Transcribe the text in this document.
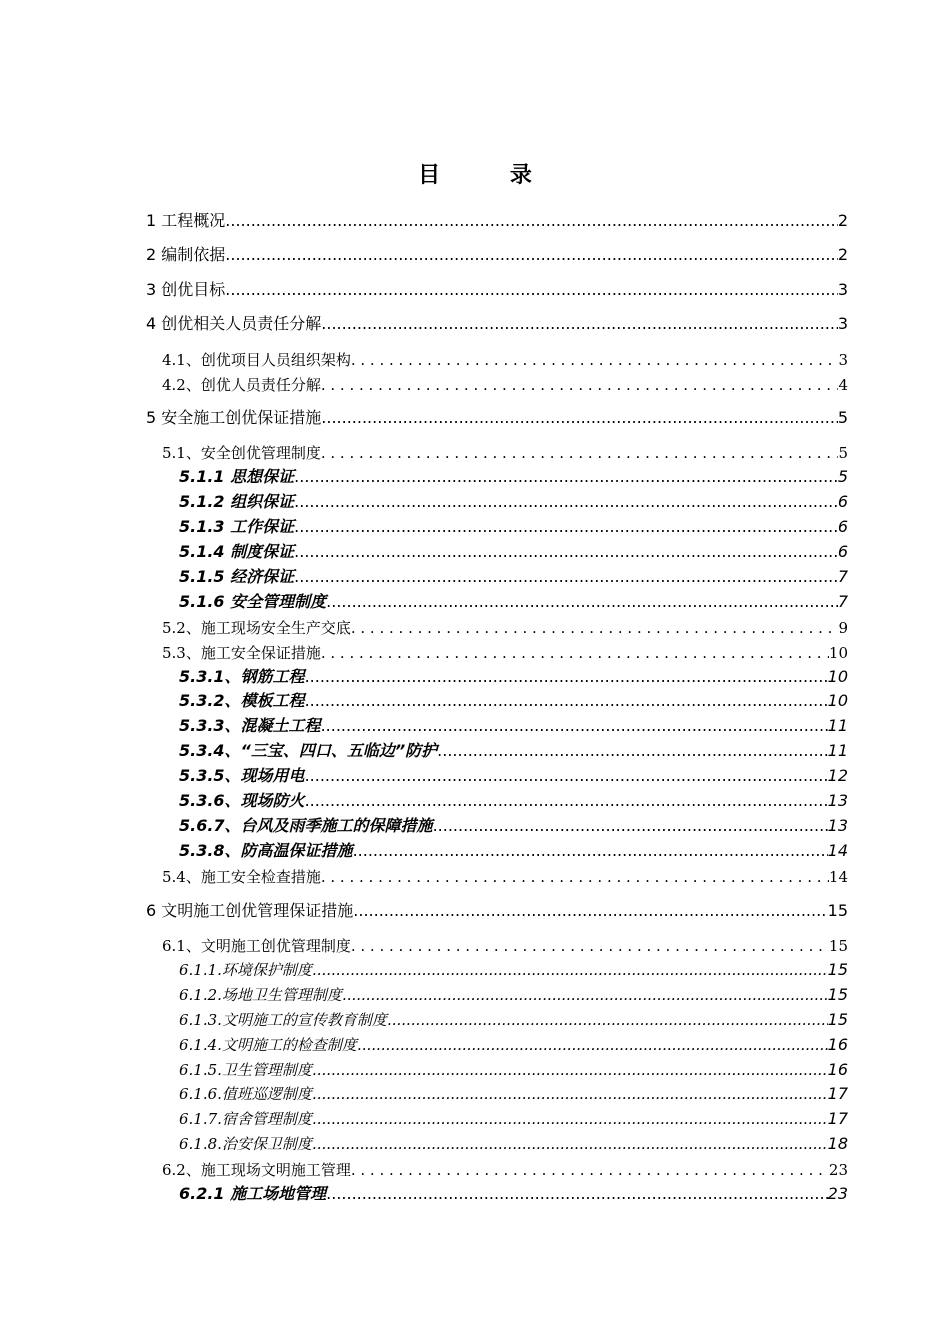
目 录
1 工程概况 .....	2
2 编制依据 .....	2
3 创优目标 .....	3
4 创优相关人员责任分解 .....	3
4.1、创优项目人员组织架构 . . .	3
4.2、创优人员责任分解 . . .	4
5 安全施工创优保证措施 .....	5
5.1、安全创优管理制度 . . .	5
5.1.1 思想保证 .....	5
5.1.2 组织保证 .....	6
5.1.3 工作保证 .....	6
5.1.4 制度保证 .....	6
5.1.5 经济保证 .....	7
5.1.6 安全管理制度 .....	7
5.2、施工现场安全生产交底 . . .	9
5.3、施工安全保证措施 . . .	10
5.3.1、钢筋工程 .....	10
5.3.2、模板工程 .....	10
5.3.3、混凝土工程 .....	11
5.3.4、“三宝、四口、五临边”防护 .....	11
5.3.5、现场用电 .....	12
5.3.6、现场防火 .....	13
5.6.7、台风及雨季施工的保障措施 .....	13
5.3.8、防高温保证措施 .....	14
5.4、施工安全检查措施 . . .	14
6 文明施工创优管理保证措施 .....	15
6.1、文明施工创优管理制度 . . .	15
6.1.1.环境保护制度 .....	15
6.1.2.场地卫生管理制度 .....	15
6.1.3.文明施工的宣传教育制度 .....	15
6.1.4.文明施工的检查制度 .....	16
6.1.5.卫生管理制度 .....	16
6.1.6.值班巡逻制度 .....	17
6.1.7.宿舍管理制度 .....	17
6.1.8.治安保卫制度 .....	18
6.2、施工现场文明施工管理 . . .	23
6.2.1 施工场地管理 .....	23
